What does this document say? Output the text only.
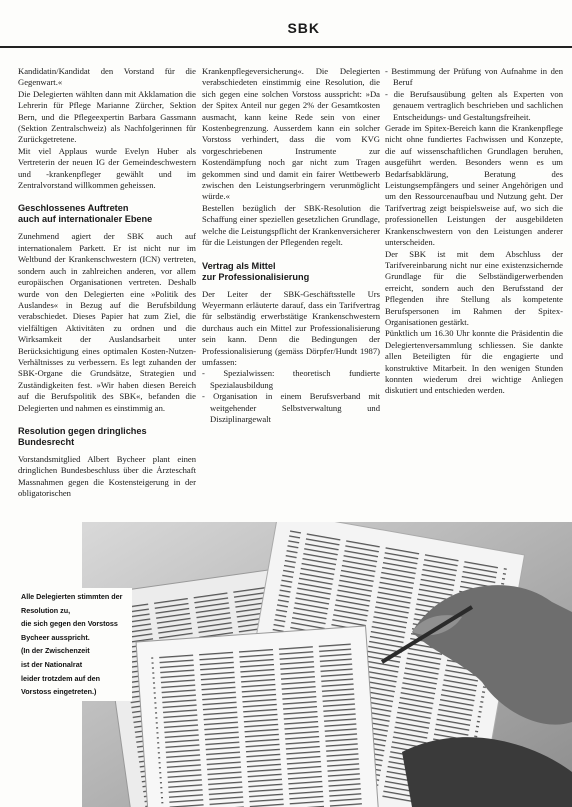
SBK

Kandidatin/Kandidat den Vorstand für die Gegenwart.«

Die Delegierten wählten dann mit Akklamation die Lehrerin für Pflege Marianne Zürcher, Sektion Bern, und die Pflegeexpertin Barbara Gassmann (Sektion Zentralschweiz) als Nachfolgerinnen für Zurückgetretene.

Mit viel Applaus wurde Evelyn Huber als Vertreterin der neuen IG der Gemeindeschwestern und -krankenpfleger gewählt und im Zentralvorstand willkommen geheissen.

Geschlossenes Auftreten
auch auf internationaler Ebene

Zunehmend agiert der SBK auch auf internationalem Parkett. Er ist nicht nur im Weltbund der Krankenschwestern (ICN) vertreten, sondern auch in zahlreichen anderen, vor allem europäischen Organisationen vertreten. Deshalb wurde von den Delegierten eine »Politik des Auslandes« in Bezug auf die Berufsbildung verabschiedet. Dieses Papier hat zum Ziel, die vielfältigen Aktivitäten zu ordnen und die Wirksamkeit der Auslandsarbeit unter Berücksichtigung eines optimalen Kosten-Nutzen-Verhältnisses zu verbessern. Es legt zuhanden der SBK-Organe die Grundsätze, Strategien und Zuständigkeiten fest. »Wir haben diesen Bereich auf die Berufspolitik des SBK«, befanden die Delegierten und nahmen es einstimmig an.

Resolution gegen dringliches
Bundesrecht

Vorstandsmitglied Albert Bycheer plant einen dringlichen Bundesbeschluss über die Ȧrzteschaft Massnahmen gegen die Kostensteigerung in der obligatorischen

Krankenpflegeversicherung«. Die Delegierten verabschiedeten einstimmig eine Resolution, die sich gegen eine solchen Vorstoss ausspricht: »Da der Spitex Anteil nur gegen 2% der Gesamtkosten ausmacht, kann keine Rede sein von einer Kostenbegrenzung. Ausserdem kann ein solcher Vorstoss verhindert, dass die vom KVG vorgeschriebenen Instrumente zur Kostendämpfung noch gar nicht zum Tragen gekommen sind und damit ein fairer Wettbewerb zwischen den Leistungserbringern verunmöglicht würde.«

Bestellen bezüglich der SBK-Resolution die Schaffung einer speziellen gesetzlichen Grundlage, welche die Leistungspflicht der Krankenversicherer für die Leistungen der Pflegenden regelt.

Vertrag als Mittel
zur Professionalisierung

Der Leiter der SBK-Geschäftsstelle Urs Weyermann erläuterte darauf, dass ein Tarifvertrag für selbständig erwerbstätige Krankenschwestern durchaus auch ein Mittel zur Professionalisierung sein kann. Denn die Bedingungen der Professionalisierung (gemäss Dörpfer/Hundt 1987) umfassen:

- Spezialwissen: theoretisch fundierte Spezialausbildung
- Organisation in einem Berufsverband mit weitgehender Selbstverwaltung und Disziplinargewalt
- Bestimmung der Prüfung von Aufnahme in den Beruf
- die Berufsausübung gelten als Experten von genauem vertraglich beschrieben und sachlichen Entscheidungs- und Gestaltungsfreiheit.

Gerade im Spitex-Bereich kann die Krankenpflege nicht ohne fundiertes Fachwissen und Konzepte, die auf wissenschaftlichen Grundlagen beruhen, ausgeführt werden. Besonders wenn es um Bedarfsabklärung, Beratung des Leistungsempfängers und seiner Angehörigen und um den Ressourcenaufbau und Nutzung geht. Der Tarifvertrag zeigt beispielsweise auf, wo sich die professionellen Leistungen der ausgebildeten Krankenschwestern von den Leistungen anderer unterscheiden.

Der SBK ist mit dem Abschluss der Tarifvereinbarung nicht nur eine existenzsichernde Grundlage für die Selbständigerwerbenden erreicht, sondern auch den Berufsstand der Pflegenden ihre Stellung als kompetente Berufspersonen im Rahmen der Spitex-Organisationen gestärkt.

Pünktlich um 16.30 Uhr konnte die Präsidentin die Delegiertenversammlung schliessen. Sie dankte allen Beteiligten für die engagierte und konstruktive Mitarbeit. In den wenigen Stunden konnten wiederum drei wichtige Anliegen diskutiert und entschieden werden.

Alle Delegierten stimmten der Resolution zu,
die sich gegen den Vorstoss Bycheer ausspricht.
(In der Zwischenzeit
ist der Nationalrat
leider trotzdem auf den
Vorstoss eingetreten.)
